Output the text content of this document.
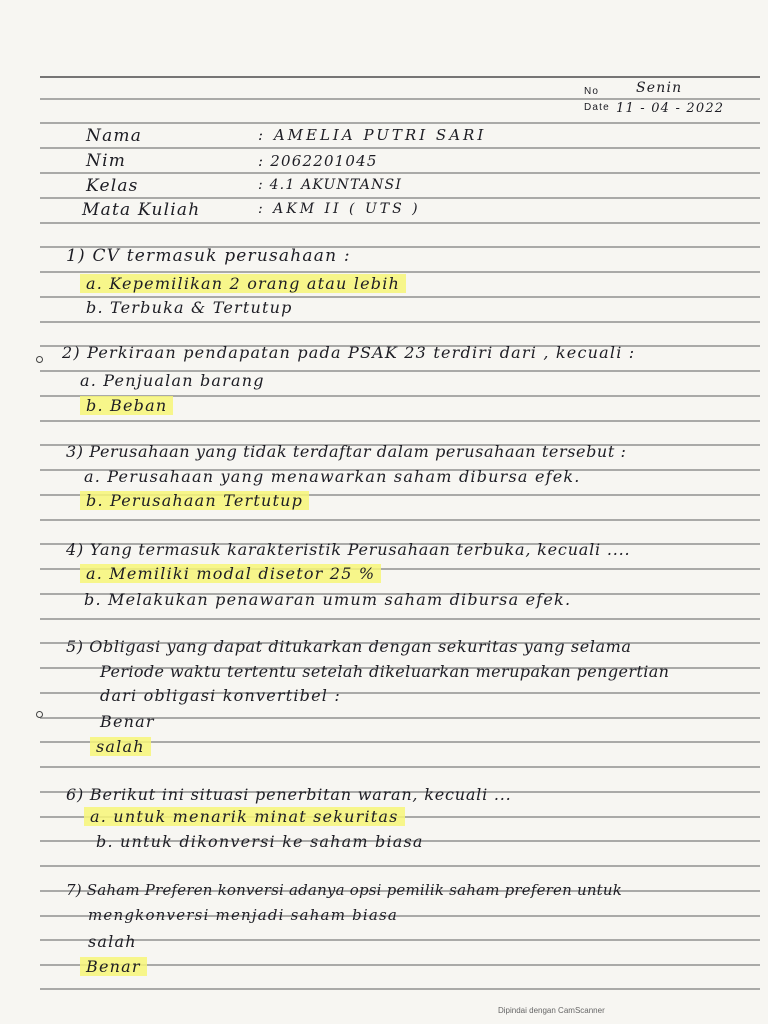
No	Senin
Date 11 - 04 - 2022
Nama	: AMELIA PUTRI SARI
Nim	: 2062201045
Kelas	: 4.1 AKUNTANSI
Mata Kuliah	: AKM II ( UTS )
1) CV termasuk perusahaan :
a. Kepemilikan 2 orang atau lebih
b. Terbuka & Tertutup
2) Perkiraan pendapatan pada PSAK 23 terdiri dari , kecuali :
a. Penjualan barang
b. Beban
3) Perusahaan yang tidak terdaftar dalam perusahaan tersebut :
a. Perusahaan yang menawarkan saham dibursa efek.
b. Perusahaan Tertutup
4) Yang termasuk karakteristik Perusahaan terbuka, kecuali ....
a. Memiliki modal disetor 25 %
b. Melakukan penawaran umum saham dibursa efek.
5) Obligasi yang dapat ditukarkan dengan sekuritas yang selama
Periode waktu tertentu setelah dikeluarkan merupakan pengertian
dari obligasi konvertibel :
Benar
salah
6) Berikut ini situasi penerbitan waran, kecuali ...
a. untuk menarik minat sekuritas
b. untuk dikonversi ke saham biasa
7) Saham Preferen konversi adanya opsi pemilik saham preferen untuk
mengkonversi menjadi saham biasa
salah
Benar
Dipindai dengan CamScanner
